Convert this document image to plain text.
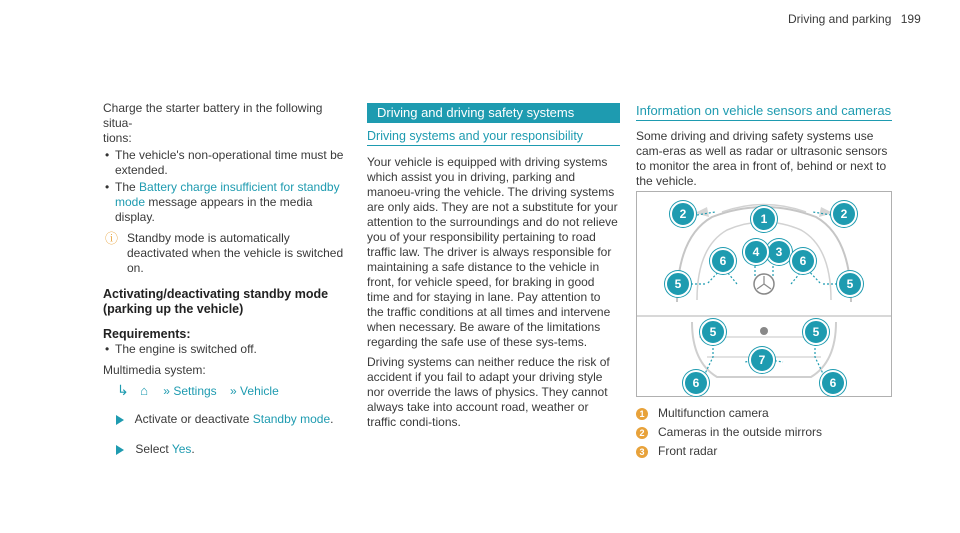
Driving and parking 199
Charge the starter battery in the following situa-
tions:
• The vehicle's non-operational time must be extended.
• The Battery charge insufficient for standby
mode message appears in the media display.
ⓘ Standby mode is automatically deactivated when the vehicle is switched on.
Activating/deactivating standby mode (parking up the vehicle)
Requirements:
• The engine is switched off.
Multimedia system:
↳ ⌂ » Settings » Vehicle
Activate or deactivate Standby mode.
Select Yes.
Driving and driving safety systems
Driving systems and your responsibility
Your vehicle is equipped with driving systems which assist you in driving, parking and manoeu-vring the vehicle. The driving systems are only aids. They are not a substitute for your attention to the surroundings and do not relieve you of your responsibility pertaining to road traffic law. The driver is always responsible for maintaining a safe distance to the vehicle in front, for vehicle speed, for braking in good time and for staying in lane. Pay attention to the traffic conditions at all times and intervene when necessary. Be aware of the limitations regarding the safe use of these sys-tems.
Driving systems can neither reduce the risk of accident if you fail to adapt your driving style nor override the laws of physics. They cannot always take into account road, weather or traffic condi-tions.
Information on vehicle sensors and cameras
Some driving and driving safety systems use cam-eras as well as radar or ultrasonic sensors to monitor the area in front of, behind or next to the vehicle.
1
2	2
3
4
5	5
6	6
5	5
7
6	6
1 Multifunction camera
2 Cameras in the outside mirrors
3 Front radar
